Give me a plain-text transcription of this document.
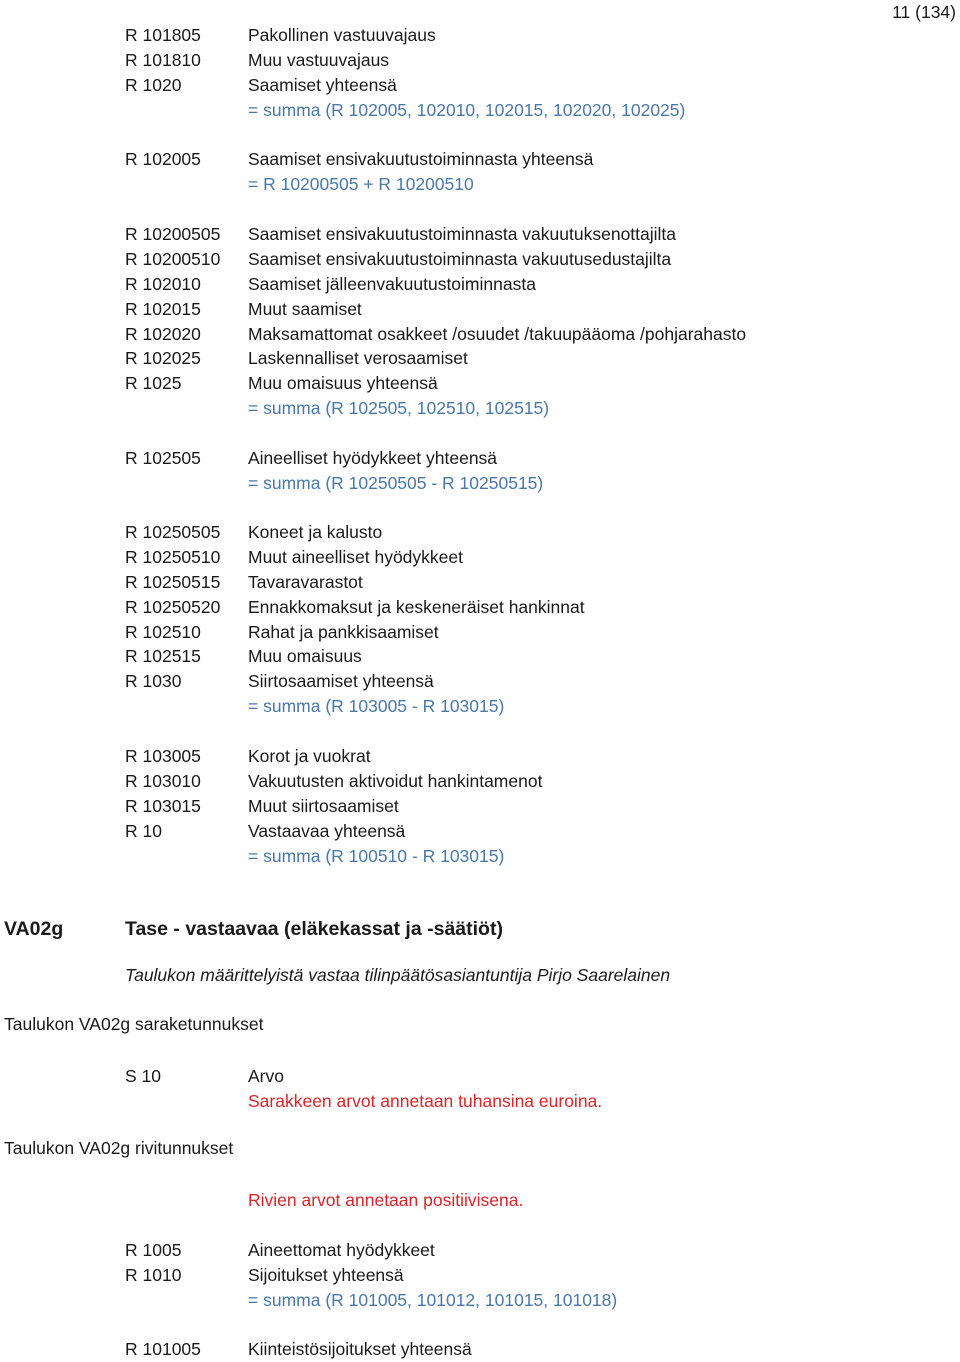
11 (134)
R 101805	Pakollinen vastuuvajaus
R 101810	Muu vastuuvajaus
R 1020	Saamiset yhteensä
= summa (R 102005, 102010, 102015, 102020, 102025)
R 102005	Saamiset ensivakuutustoiminnasta yhteensä
= R 10200505 + R 10200510
R 10200505 Saamiset ensivakuutustoiminnasta vakuutuksenottajilta
R 10200510 Saamiset ensivakuutustoiminnasta vakuutusedustajilta
R 102010	Saamiset jälleenvakuutustoiminnasta
R 102015	Muut saamiset
R 102020	Maksamattomat osakkeet /osuudet /takuupääoma /pohjarahasto
R 102025	Laskennalliset verosaamiset
R 1025	Muu omaisuus yhteensä
= summa (R 102505, 102510, 102515)
R 102505	Aineelliset hyödykkeet yhteensä
= summa (R 10250505 - R 10250515)
R 10250505 Koneet ja kalusto
R 10250510 Muut aineelliset hyödykkeet
R 10250515 Tavaravarastot
R 10250520 Ennakkomaksut ja keskeneräiset hankinnat
R 102510	Rahat ja pankkisaamiset
R 102515	Muu omaisuus
R 1030	Siirtosaamiset yhteensä
= summa (R 103005 - R 103015)
R 103005	Korot ja vuokrat
R 103010	Vakuutusten aktivoidut hankintamenot
R 103015	Muut siirtosaamiset
R 10	Vastaavaa yhteensä
= summa (R 100510 - R 103015)
VA02g	Tase - vastaavaa (eläkekassat ja -säätiöt)
Taulukon määrittelyistä vastaa tilinpäätösasiantuntija Pirjo Saarelainen
Taulukon VA02g saraketunnukset
S 10	Arvo
Sarakkeen arvot annetaan tuhansina euroina.
Taulukon VA02g rivitunnukset
Rivien arvot annetaan positiivisena.
R 1005	Aineettomat hyödykkeet
R 1010	Sijoitukset yhteensä
= summa (R 101005, 101012, 101015, 101018)
R 101005	Kiinteistösijoitukset yhteensä
